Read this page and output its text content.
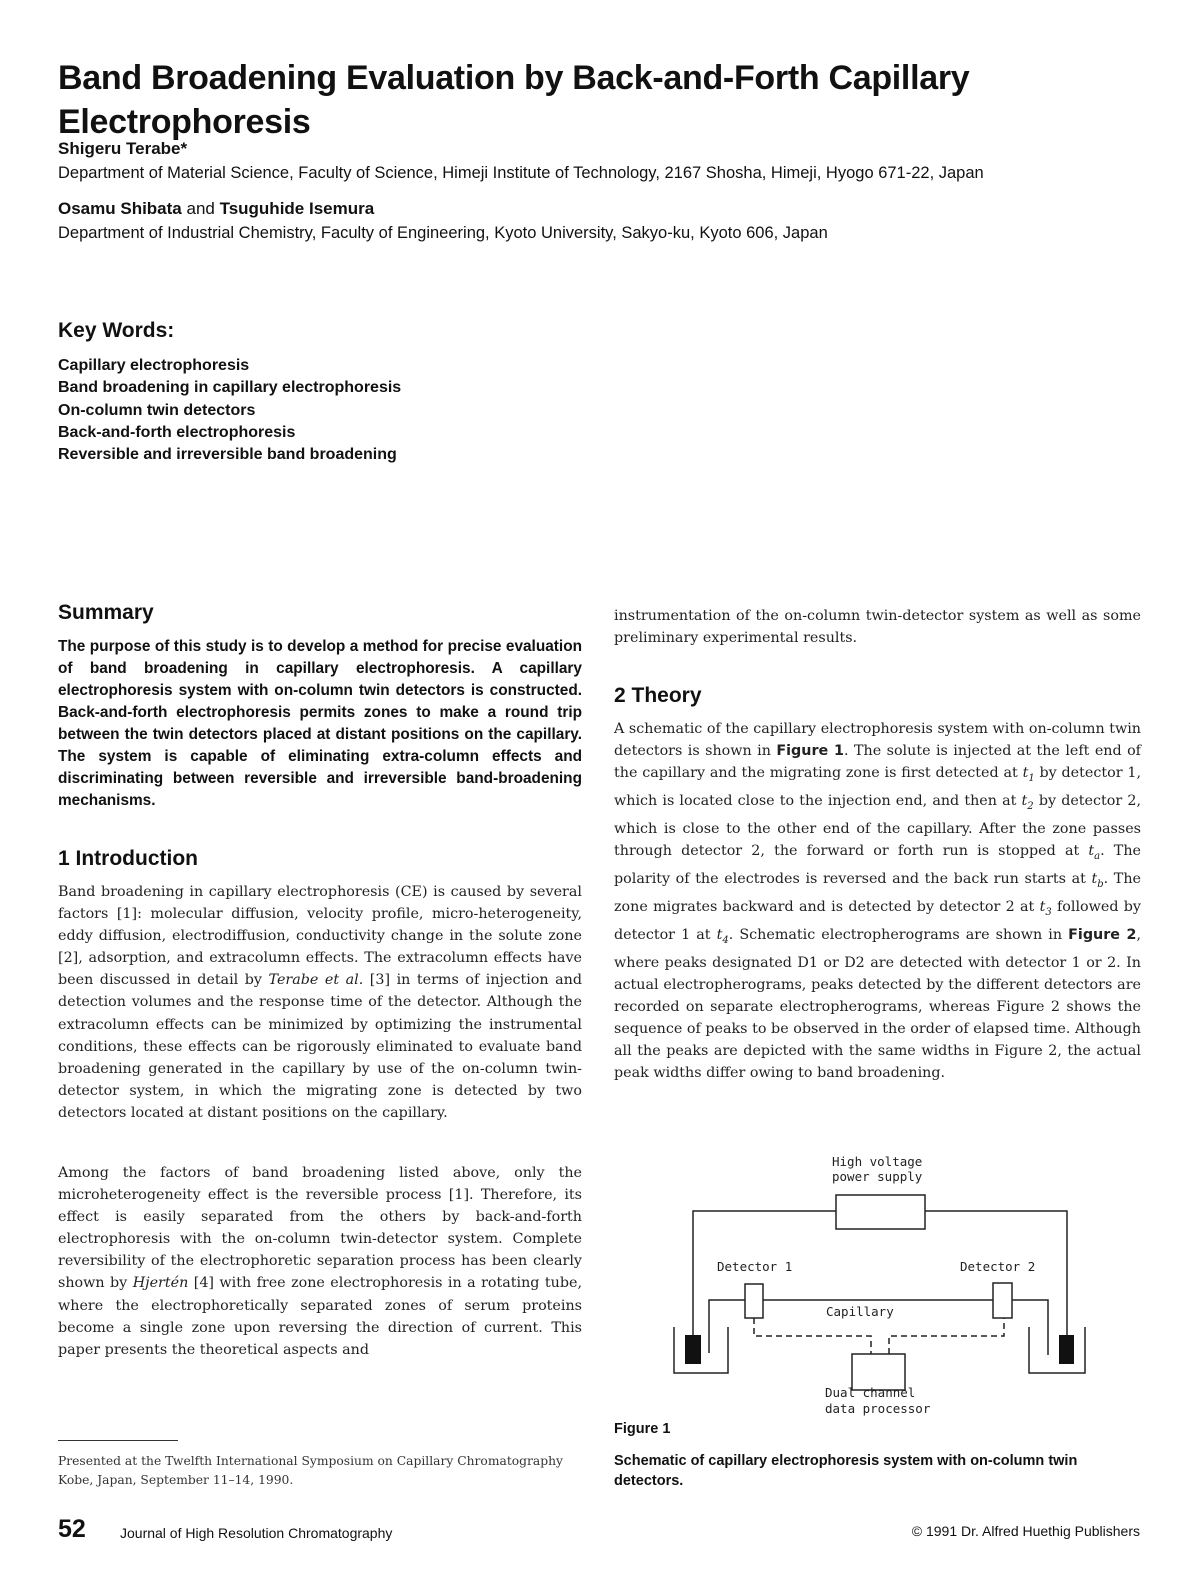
Band Broadening Evaluation by Back-and-Forth Capillary Electrophoresis
Shigeru Terabe*
Department of Material Science, Faculty of Science, Himeji Institute of Technology, 2167 Shosha, Himeji, Hyogo 671-22, Japan
Osamu Shibata and Tsuguhide Isemura
Department of Industrial Chemistry, Faculty of Engineering, Kyoto University, Sakyo-ku, Kyoto 606, Japan
Key Words:
Capillary electrophoresis
Band broadening in capillary electrophoresis
On-column twin detectors
Back-and-forth electrophoresis
Reversible and irreversible band broadening
Summary
The purpose of this study is to develop a method for precise evaluation of band broadening in capillary electrophoresis. A capillary electrophoresis system with on-column twin detectors is constructed. Back-and-forth electrophoresis permits zones to make a round trip between the twin detectors placed at distant positions on the capillary. The system is capable of eliminating extra-column effects and discriminating between reversible and irreversible band-broadening mechanisms.
1 Introduction

Band broadening in capillary electrophoresis (CE) is caused by several factors [1]: molecular diffusion, velocity profile, micro-heterogeneity, eddy diffusion, electrodiffusion, conductivity change in the solute zone [2], adsorption, and extracolumn effects. The extracolumn effects have been discussed in detail by Terabe et al. [3] in terms of injection and detection volumes and the response time of the detector. Although the extracolumn effects can be minimized by optimizing the instrumental conditions, these effects can be rigorously eliminated to evaluate band broadening generated in the capillary by use of the on-column twin-detector system, in which the migrating zone is detected by two detectors located at distant positions on the capillary.

Among the factors of band broadening listed above, only the microheterogeneity effect is the reversible process [1]. Therefore, its effect is easily separated from the others by back-and-forth electrophoresis with the on-column twin-detector system. Complete reversibility of the electrophoretic separation process has been clearly shown by Hjertén [4] with free zone electrophoresis in a rotating tube, where the electrophoretically separated zones of serum proteins become a single zone upon reversing the direction of current. This paper presents the theoretical aspects and

instrumentation of the on-column twin-detector system as well as some preliminary experimental results.

2 Theory

A schematic of the capillary electrophoresis system with on-column twin detectors is shown in Figure 1. The solute is injected at the left end of the capillary and the migrating zone is first detected at $t_1$ by detector 1, which is located close to the injection end, and then at $t_2$ by detector 2, which is close to the other end of the capillary. After the zone passes through detector 2, the forward or forth run is stopped at $t_a$. The polarity of the electrodes is reversed and the back run starts at $t_b$. The zone migrates backward and is detected by detector 2 at $t_3$ followed by detector 1 at $t_4$. Schematic electropherograms are shown in Figure 2, where peaks designated D1 or D2 are detected with detector 1 or 2. In actual electropherograms, peaks detected by the different detectors are recorded on separate electropherograms, whereas Figure 2 shows the sequence of peaks to be observed in the order of elapsed time. Although all the peaks are depicted with the same widths in Figure 2, the actual peak widths differ owing to band broadening.

High voltage
power supply
Detector 1	Detector 2
Capillary
Dual channel
data processor
Figure 1
Schematic of capillary electrophoresis system with on-column twin detectors.
Presented at the Twelfth International Symposium on Capillary Chromatography Kobe, Japan, September 11–14, 1990.
52 Journal of High Resolution Chromatography	© 1991 Dr. Alfred Huethig Publishers
